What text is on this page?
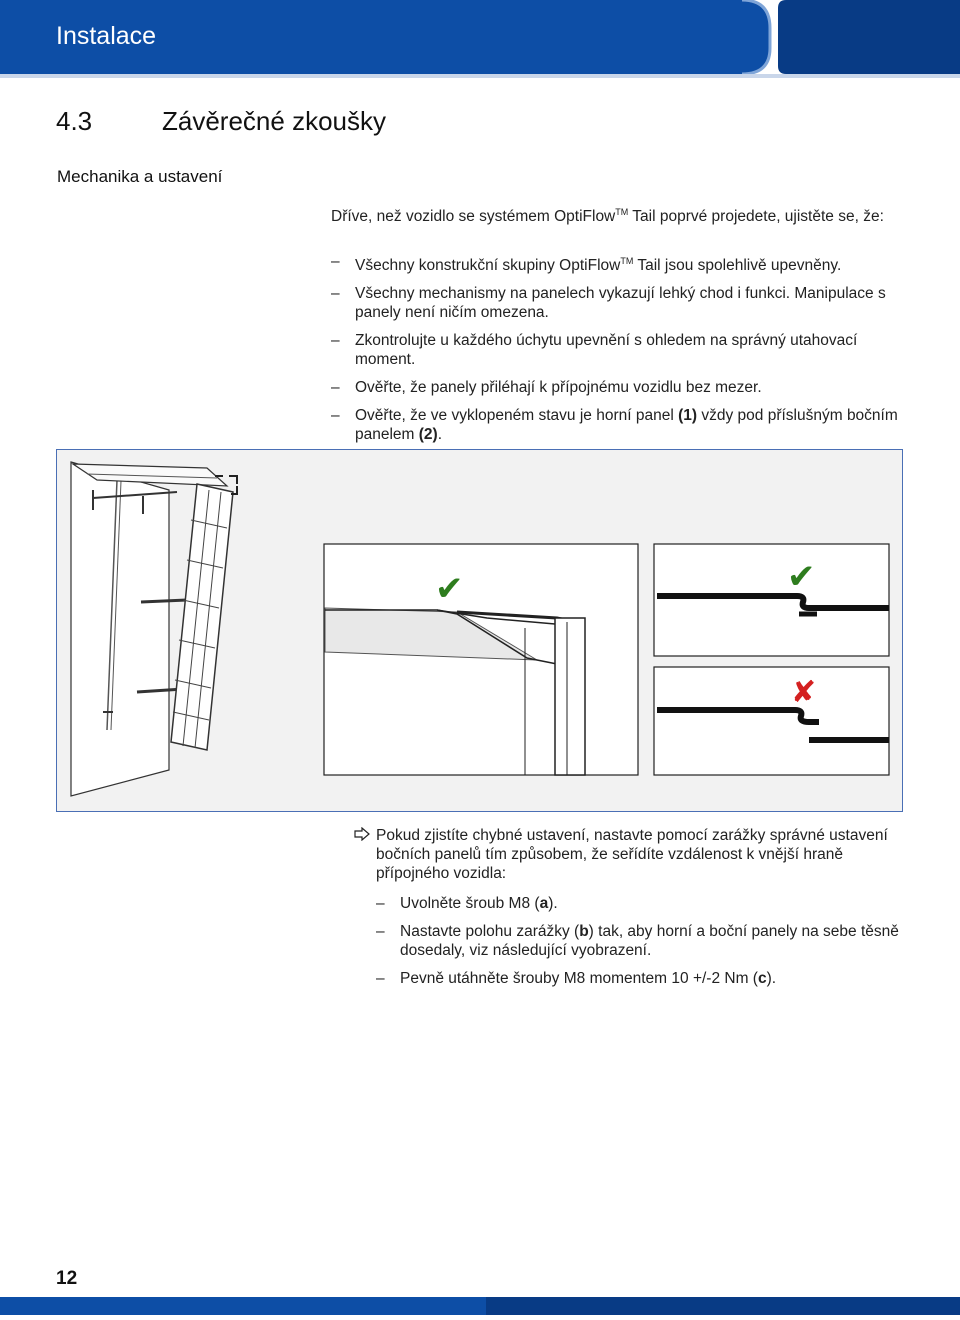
Instalace
4.3	Závěrečné zkoušky
Mechanika a ustavení
Dříve, než vozidlo se systémem OptiFlow™ Tail poprvé projedete, ujistěte se, že:
– Všechny konstrukční skupiny OptiFlow™ Tail jsou spolehlivě upevněny.
– Všechny mechanismy na panelech vykazují lehký chod i funkci. Manipulace s panely není ničím omezena.
– Zkontrolujte u každého úchytu upevnění s ohledem na správný utahovací moment.
– Ověřte, že panely přiléhají k přípojnému vozidlu bez mezer.
– Ověřte, že ve vyklopeném stavu je horní panel (1) vždy pod příslušným bočním panelem (2).
✔	✔
✘
Pokud zjistíte chybné ustavení, nastavte pomocí zarážky správné ustavení bočních panelů tím způsobem, že seřídíte vzdálenost k vnější hraně přípojného vozidla:
– Uvolněte šroub M8 (a).
– Nastavte polohu zarážky (b) tak, aby horní a boční panely na sebe těsně dosedaly, viz následující vyobrazení.
– Pevně utáhněte šrouby M8 momentem 10 +/-2 Nm (c).
12
